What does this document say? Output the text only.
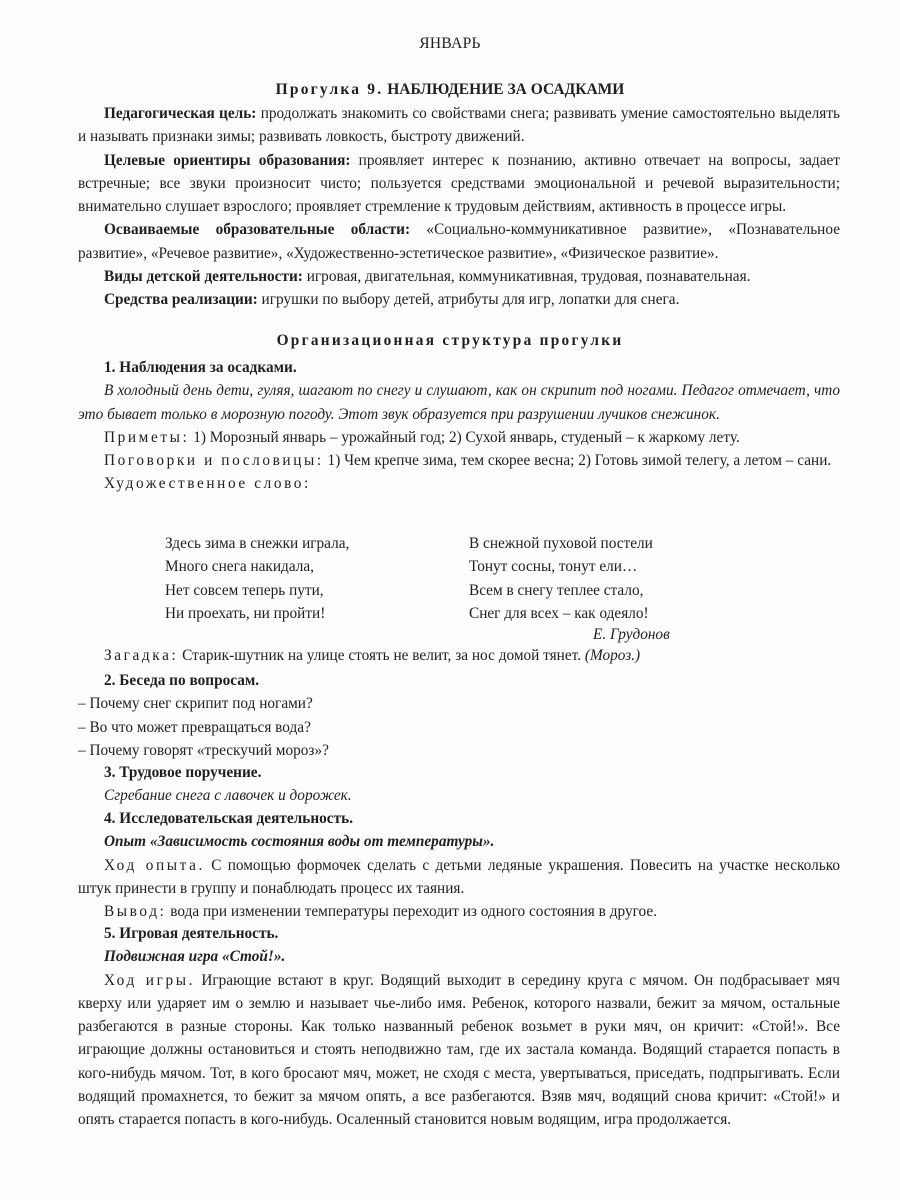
ЯНВАРЬ
Прогулка 9. НАБЛЮДЕНИЕ ЗА ОСАДКАМИ

Педагогическая цель: продолжать знакомить со свойствами снега; развивать умение самостоятельно выделять и называть признаки зимы; развивать ловкость, быстроту движений.

Целевые ориентиры образования: проявляет интерес к познанию, активно отвечает на вопросы, задает встречные; все звуки произносит чисто; пользуется средствами эмоциональной и речевой выразительности; внимательно слушает взрослого; проявляет стремление к трудовым действиям, активность в процессе игры.

Осваиваемые образовательные области: «Социально-коммуникативное развитие», «Познавательное развитие», «Речевое развитие», «Художественно-эстетическое развитие», «Физическое развитие».

Виды детской деятельности: игровая, двигательная, коммуникативная, трудовая, познавательная.

Средства реализации: игрушки по выбору детей, атрибуты для игр, лопатки для снега.

Организационная структура прогулки

1. Наблюдения за осадками.

В холодный день дети, гуляя, шагают по снегу и слушают, как он скрипит под ногами. Педагог отмечает, что это бывает только в морозную погоду. Этот звук образуется при разрушении лучиков снежинок.

Приметы: 1) Морозный январь – урожайный год; 2) Сухой январь, студеный – к жаркому лету.

Поговорки и пословицы: 1) Чем крепче зима, тем скорее весна; 2) Готовь зимой телегу, а летом – сани.

Художественное слово:

Здесь зима в снежки играла,
Много снега накидала,
Нет совсем теперь пути,
Ни проехать, ни пройти!
В снежной пуховой постели
Тонут сосны, тонут ели…
Всем в снегу теплее стало,
Снег для всех – как одеяло!
Е. Грудонов

Загадка: Старик-шутник на улице стоять не велит, за нос домой тянет. (Мороз.)

2. Беседа по вопросам.

– Почему снег скрипит под ногами?

– Во что может превращаться вода?

– Почему говорят «трескучий мороз»?

3. Трудовое поручение.

Сгребание снега с лавочек и дорожек.

4. Исследовательская деятельность.

Опыт «Зависимость состояния воды от температуры».

Ход опыта. С помощью формочек сделать с детьми ледяные украшения. Повесить на участке несколько штук принести в группу и понаблюдать процесс их таяния.

Вывод: вода при изменении температуры переходит из одного состояния в другое.

5. Игровая деятельность.

Подвижная игра «Стой!».

Ход игры. Играющие встают в круг. Водящий выходит в середину круга с мячом. Он подбрасывает мяч кверху или ударяет им о землю и называет чье-либо имя. Ребенок, которого назвали, бежит за мячом, остальные разбегаются в разные стороны. Как только названный ребенок возьмет в руки мяч, он кричит: «Стой!». Все играющие должны остановиться и стоять неподвижно там, где их застала команда. Водящий старается попасть в кого-нибудь мячом. Тот, в кого бросают мяч, может, не сходя с места, увертываться, приседать, подпрыгивать. Если водящий промахнется, то бежит за мячом опять, а все разбегаются. Взяв мяч, водящий снова кричит: «Стой!» и опять старается попасть в кого-нибудь. Осаленный становится новым водящим, игра продолжается.
